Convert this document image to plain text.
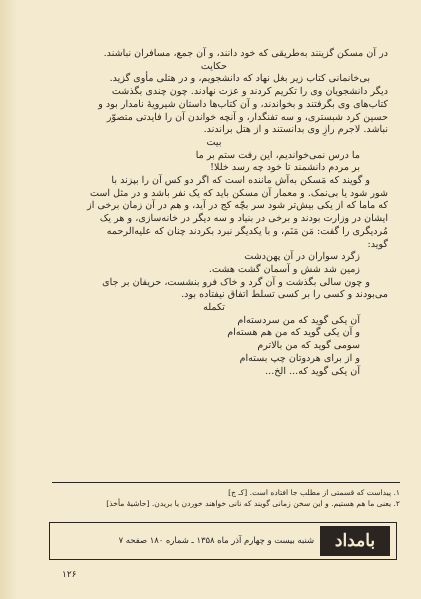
در آن مسکن گزینند به‌طریقی که خود دانند، و آن جمع، مسافران نباشند.

حکایت

بی‌خانمانی کتاب زیر بغل نهاد که دانشجویم، و در هتلی مأوی گزید.

دیگر دانشجویان وی را تکریم کردند و عزت نهادند. چون چندی بگذشت

کتاب‌های وی بگرفتند و بخواندند، و آن کتاب‌ها داستان شیرویهٔ نامدار بود و

حسین کرد شبستری، و سه تفنگدار، و آنچه خواندن آن را فایدتی متصوّر

نباشد. لاجرم رازِ وی بدانستند و از هتل براندند.

بیت

ما درس نمی‌خواندیم، این رفت ستم بر ما

بر مردم دانشمند تا خود چه رسد خللا!

و گویند که مَسکن به‌آش ماننده است که اگر دو کس آن را بپزند با

شور شود یا بی‌نمک. و معمار آن مسکن باید که یک نفر باشد و در مثل است

که ماما که از یکی بیش‌تر شود سر بچّه کج در آید، و هم در آن زمان برخی از

ایشان در وزارت بودند و برخی در بنیاد و سه دیگر در خانه‌سازی، و هر یک

مُردیگری را گفت: مَن مَنَم، و با یکدیگر نبرد بکردند چنان که علیه‌الرحمه

گوید:

زگرد سواران در آن پهن‌دشت

زمین شد شش و آسمان گشت هشت.

و چون سالی بگذشت و آن گرد و خاک فرو بنشست، حریفان بر جای

می‌بودند و کسی را بر کسی تسلط اتفاق نیفتاده بود.

تکمله

آن یکی گوید که من سردسته‌ام

و آن یکی گوید که من هم هسته‌ام

سومی گوید که من بالاترم

و از برای هردوتان چپ بسته‌ام

آن یکی گوید که... الخ...

۱. پیداست که قسمتی از مطلب جا افتاده است. [کـ ج]

۲. یعنی ما هم هستیم. و این سخن زمانی گویند که نانی خواهند خوردن یا بریدن. [حاشیهٔ مأخذ]

بامداد
شنبه بیست و چهارم آذر ماه ۱۳۵۸ ـ شماره ۱۸۰ صفحه ۷
۱۲۶
